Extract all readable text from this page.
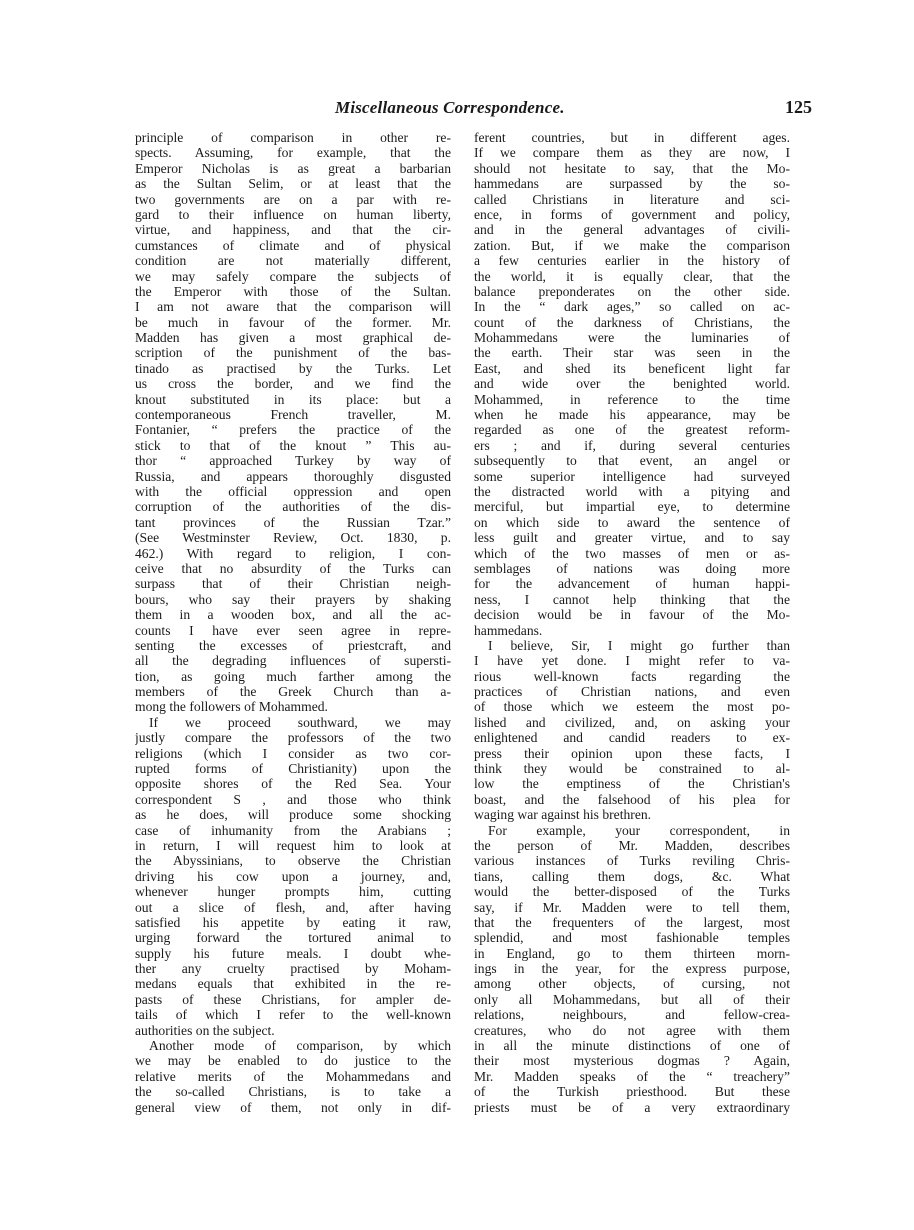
Miscellaneous Correspondence.	125
principle of comparison in other re-
spects. Assuming, for example, that the
Emperor Nicholas is as great a barbarian
as the Sultan Selim, or at least that the
two governments are on a par with re-
gard to their influence on human liberty,
virtue, and happiness, and that the cir-
cumstances of climate and of physical
condition are not materially different,
we may safely compare the subjects of
the Emperor with those of the Sultan.
I am not aware that the comparison will
be much in favour of the former. Mr.
Madden has given a most graphical de-
scription of the punishment of the bas-
tinado as practised by the Turks. Let
us cross the border, and we find the
knout substituted in its place: but a
contemporaneous French traveller, M.
Fontanier, “ prefers the practice of the
stick to that of the knout ” This au-
thor “ approached Turkey by way of
Russia, and appears thoroughly disgusted
with the official oppression and open
corruption of the authorities of the dis-
tant provinces of the Russian Tzar.”
(See Westminster Review, Oct. 1830, p.
462.) With regard to religion, I con-
ceive that no absurdity of the Turks can
surpass that of their Christian neigh-
bours, who say their prayers by shaking
them in a wooden box, and all the ac-
counts I have ever seen agree in repre-
senting the excesses of priestcraft, and
all the degrading influences of supersti-
tion, as going much farther among the
members of the Greek Church than a-
mong the followers of Mohammed.
If we proceed southward, we may
justly compare the professors of the two
religions (which I consider as two cor-
rupted forms of Christianity) upon the
opposite shores of the Red Sea. Your
correspondent S , and those who think
as he does, will produce some shocking
case of inhumanity from the Arabians ;
in return, I will request him to look at
the Abyssinians, to observe the Christian
driving his cow upon a journey, and,
whenever hunger prompts him, cutting
out a slice of flesh, and, after having
satisfied his appetite by eating it raw,
urging forward the tortured animal to
supply his future meals. I doubt whe-
ther any cruelty practised by Moham-
medans equals that exhibited in the re-
pasts of these Christians, for ampler de-
tails of which I refer to the well-known
authorities on the subject.
Another mode of comparison, by which
we may be enabled to do justice to the
relative merits of the Mohammedans and
the so-called Christians, is to take a
general view of them, not only in dif-
ferent countries, but in different ages.
If we compare them as they are now, I
should not hesitate to say, that the Mo-
hammedans are surpassed by the so-
called Christians in literature and sci-
ence, in forms of government and policy,
and in the general advantages of civili-
zation. But, if we make the comparison
a few centuries earlier in the history of
the world, it is equally clear, that the
balance preponderates on the other side.
In the “ dark ages,” so called on ac-
count of the darkness of Christians, the
Mohammedans were the luminaries of
the earth. Their star was seen in the
East, and shed its beneficent light far
and wide over the benighted world.
Mohammed, in reference to the time
when he made his appearance, may be
regarded as one of the greatest reform-
ers ; and if, during several centuries
subsequently to that event, an angel or
some superior intelligence had surveyed
the distracted world with a pitying and
merciful, but impartial eye, to determine
on which side to award the sentence of
less guilt and greater virtue, and to say
which of the two masses of men or as-
semblages of nations was doing more
for the advancement of human happi-
ness, I cannot help thinking that the
decision would be in favour of the Mo-
hammedans.
I believe, Sir, I might go further than
I have yet done. I might refer to va-
rious well-known facts regarding the
practices of Christian nations, and even
of those which we esteem the most po-
lished and civilized, and, on asking your
enlightened and candid readers to ex-
press their opinion upon these facts, I
think they would be constrained to al-
low the emptiness of the Christian's
boast, and the falsehood of his plea for
waging war against his brethren.
For example, your correspondent, in
the person of Mr. Madden, describes
various instances of Turks reviling Chris-
tians, calling them dogs, &c. What
would the better-disposed of the Turks
say, if Mr. Madden were to tell them,
that the frequenters of the largest, most
splendid, and most fashionable temples
in England, go to them thirteen morn-
ings in the year, for the express purpose,
among other objects, of cursing, not
only all Mohammedans, but all of their
relations, neighbours, and fellow-crea-
creatures, who do not agree with them
in all the minute distinctions of one of
their most mysterious dogmas ? Again,
Mr. Madden speaks of the “ treachery”
of the Turkish priesthood. But these
priests must be of a very extraordinary
